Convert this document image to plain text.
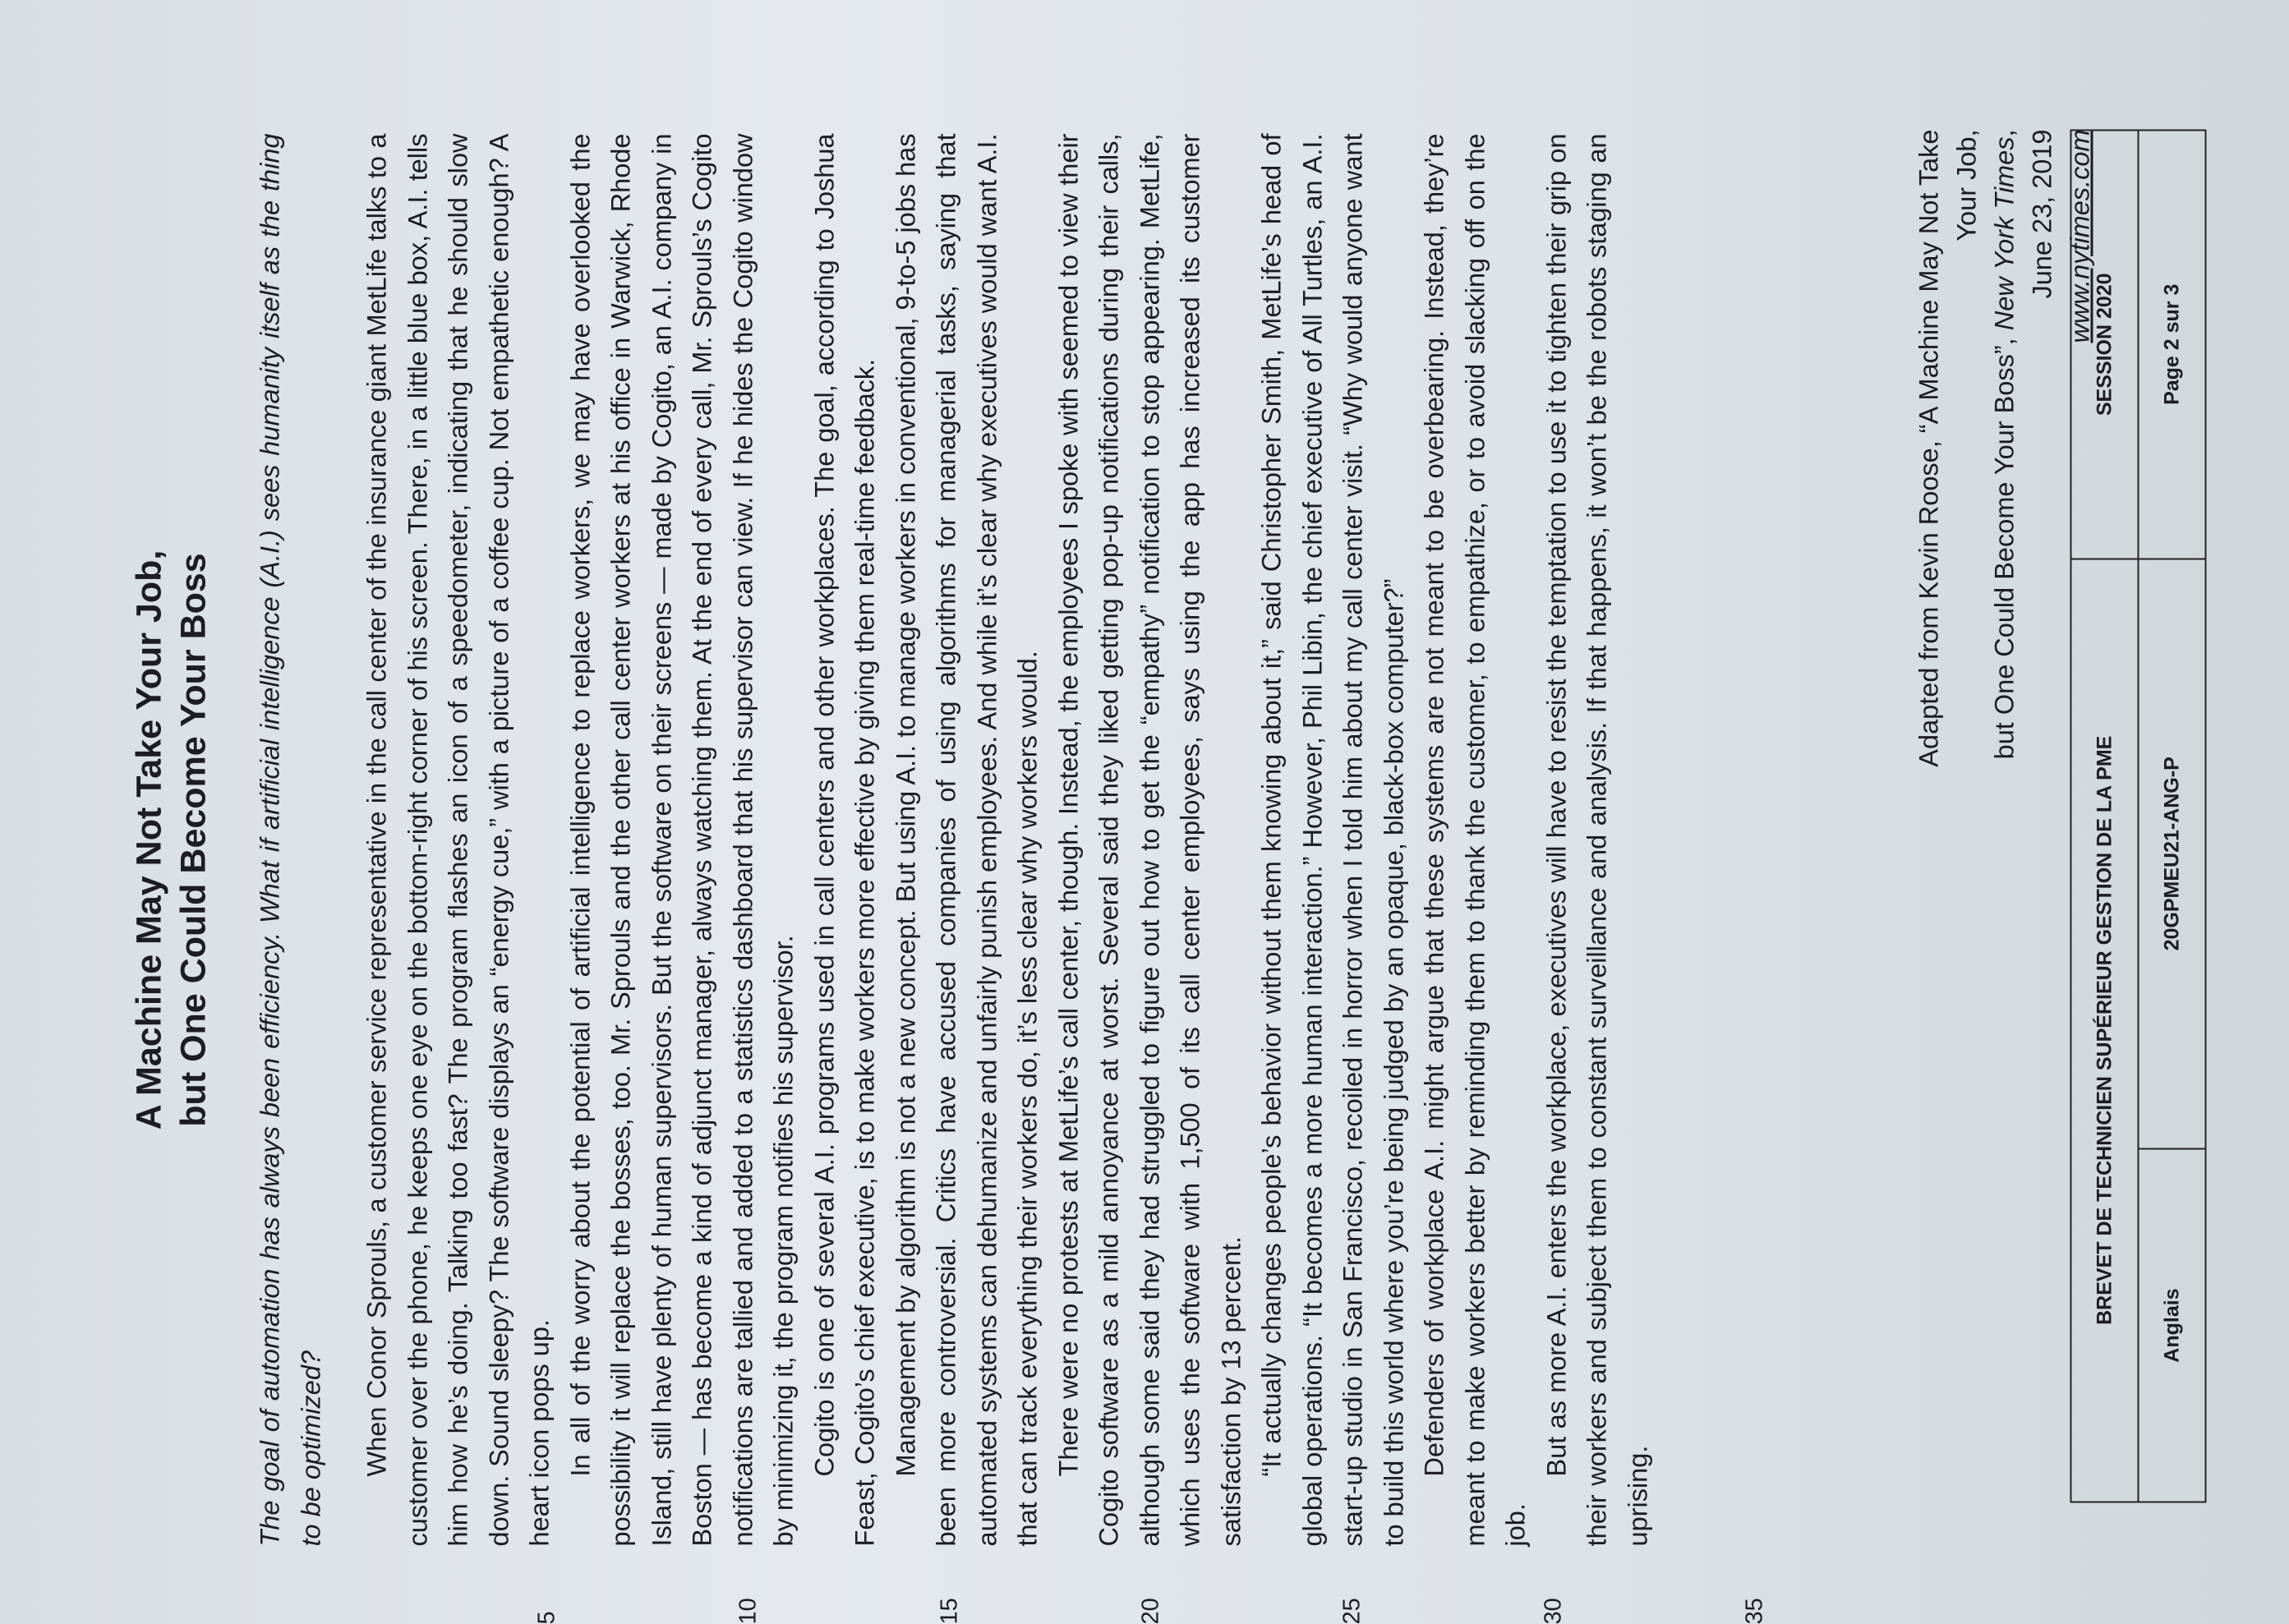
A Machine May Not Take Your Job, but One Could Become Your Boss The goal of automation has always been efficiency. What if artificial intelligence (A.I.) sees humanity itself as the thing to be optimized? When Conor Sprouls, a customer service representative in the call center of the insurance giant MetLife talks to a customer over the phone, he keeps one eye on the bottom-right corner of his screen. There, in a little blue box, A.I. tells him how he’s doing. Talking too fast? The program flashes an icon of a speedometer, indicating that he should slow down. Sound sleepy? The software displays an “energy cue,” with a picture of a coffee cup. Not empathetic enough? A heart icon pops up. In all of the worry about the potential of artificial intelligence to replace workers, we may have overlooked the possibility it will replace the bosses, too. Mr. Sprouls and the other call center workers at his office in Warwick, Rhode Island, still have plenty of human supervisors. But the software on their screens — made by Cogito, an A.I. company in Boston — has become a kind of adjunct manager, always watching them. At the end of every call, Mr. Sprouls’s Cogito notifications are tallied and added to a statistics dashboard that his supervisor can view. If he hides the Cogito window by minimizing it, the program notifies his supervisor. Cogito is one of several A.I. programs used in call centers and other workplaces. The goal, according to Joshua Feast, Cogito’s chief executive, is to make workers more effective by giving them real-time feedback. Management by algorithm is not a new concept. But using A.I. to manage workers in conventional, 9-to-5 jobs has been more controversial. Critics have accused companies of using algorithms for managerial tasks, saying that automated systems can dehumanize and unfairly punish employees. And while it’s clear why executives would want A.I. that can track everything their workers do, it’s less clear why workers would. There were no protests at MetLife’s call center, though. Instead, the employees I spoke with seemed to view their Cogito software as a mild annoyance at worst. Several said they liked getting pop-up notifications during their calls, although some said they had struggled to figure out how to get the “empathy” notification to stop appearing. MetLife, which uses the software with 1,500 of its call center employees, says using the app has increased its customer satisfaction by 13 percent. “It actually changes people’s behavior without them knowing about it,” said Christopher Smith, MetLife’s head of global operations. “It becomes a more human interaction.” However, Phil Libin, the chief executive of All Turtles, an A.I. start-up studio in San Francisco, recoiled in horror when I told him about my call center visit. “Why would anyone want to build this world where you’re being judged by an opaque, black-box computer?” Defenders of workplace A.I. might argue that these systems are not meant to be overbearing. Instead, they’re meant to make workers better by reminding them to thank the customer, to empathize, or to avoid slacking off on the job.

But as more A.I. enters the workplace, executives will have to resist the temptation to use it to tighten their grip on their workers and subject them to constant surveillance and analysis. If that happens, it won’t be the robots staging an uprising.

5	10	15	20	25	30	35
Adapted from Kevin Roose, “A Machine May Not Take Your Job,
but One Could Become Your Boss”, New York Times, June 23, 2019 www.nytimes.com
BREVET DE TECHNICIEN SUPÉRIEUR GESTION DE LA PME		SESSION 2020
Anglais	20GPMEU21-ANG-P	Page 2 sur 3
